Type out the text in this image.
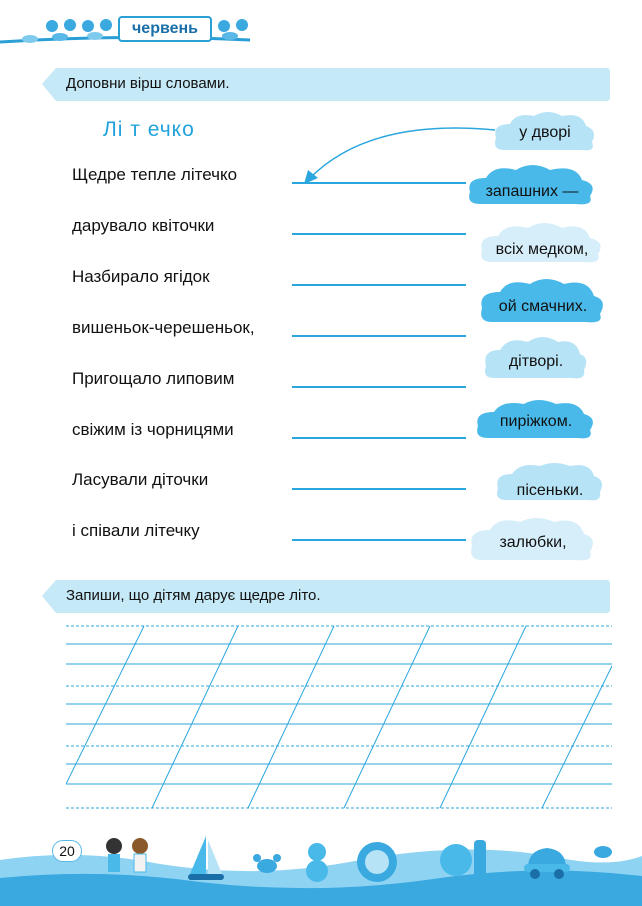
червень
Доповни вірш словами.
Лі т ечко
Щедре тепле літечко
дарувало квіточки
Назбирало ягідок
вишеньок-черешеньок,
Пригощало липовим
свіжим із чорницями
Ласували діточки
і співали літечку
у дворі
запашних —
всіх медком,
ой смачних.
дітворі.
пиріжком.
пісеньки.
залюбки,
Запиши, що дітям дарує щедре літо.
20
